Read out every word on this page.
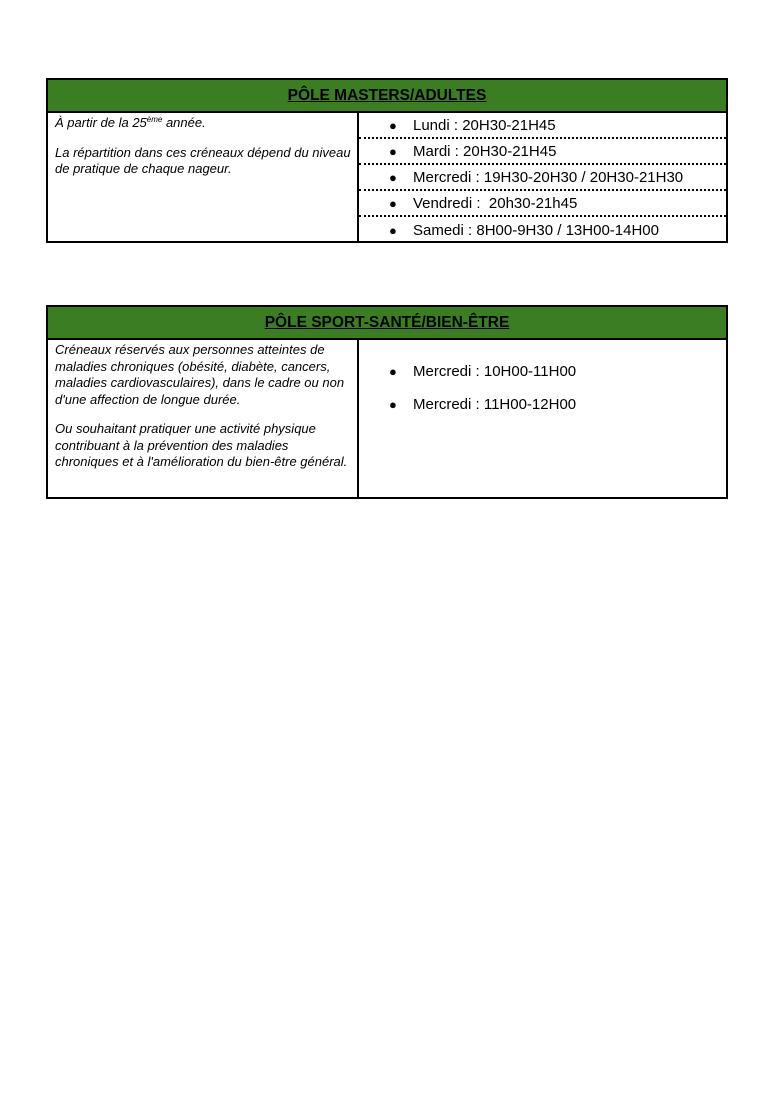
PÔLE MASTERS/ADULTES

À partir de la 25ème année.

La répartition dans ces créneaux dépend du niveau de pratique de chaque nageur.

●	Lundi : 20H30-21H45
●	Mardi : 20H30-21H45
●	Mercredi : 19H30-20H30 / 20H30-21H30
●	Vendredi :  20h30-21h45
●	Samedi : 8H00-9H30 / 13H00-14H00
PÔLE SPORT-SANTÉ/BIEN-ÊTRE

Créneaux réservés aux personnes atteintes de maladies chroniques (obésité, diabète, cancers, maladies cardiovasculaires), dans le cadre ou non d'une affection de longue durée.

Ou souhaitant pratiquer une activité physique contribuant à la prévention des maladies chroniques et à l'amélioration du bien-être général.

●	Mercredi : 10H00-11H00
●	Mercredi : 11H00-12H00
